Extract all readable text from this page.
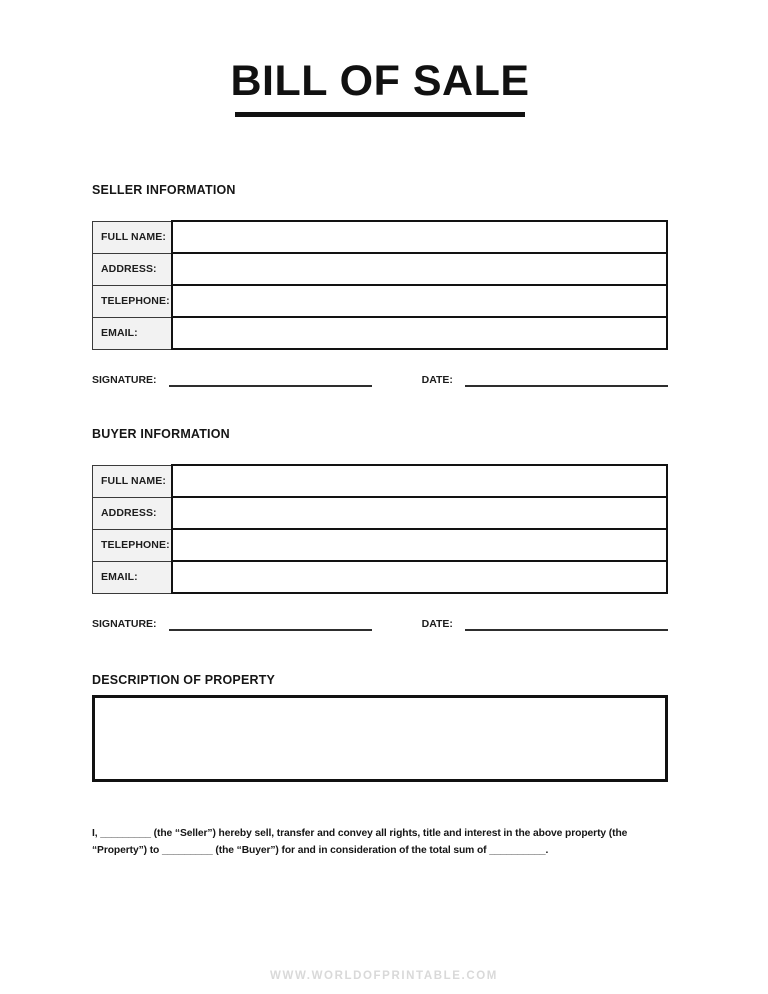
BILL OF SALE
SELLER INFORMATION
FULL NAME:	
ADDRESS:	
TELEPHONE:	
EMAIL:	
SIGNATURE:	DATE:
BUYER INFORMATION
FULL NAME:	
ADDRESS:	
TELEPHONE:	
EMAIL:	
SIGNATURE:	DATE:
DESCRIPTION OF PROPERTY

I, _________ (the “Seller”) hereby sell, transfer and convey all rights, title and interest in the above property (the “Property”) to _________ (the “Buyer”) for and in consideration of the total sum of __________.

WWW.WORLDOFPRINTABLE.COM
